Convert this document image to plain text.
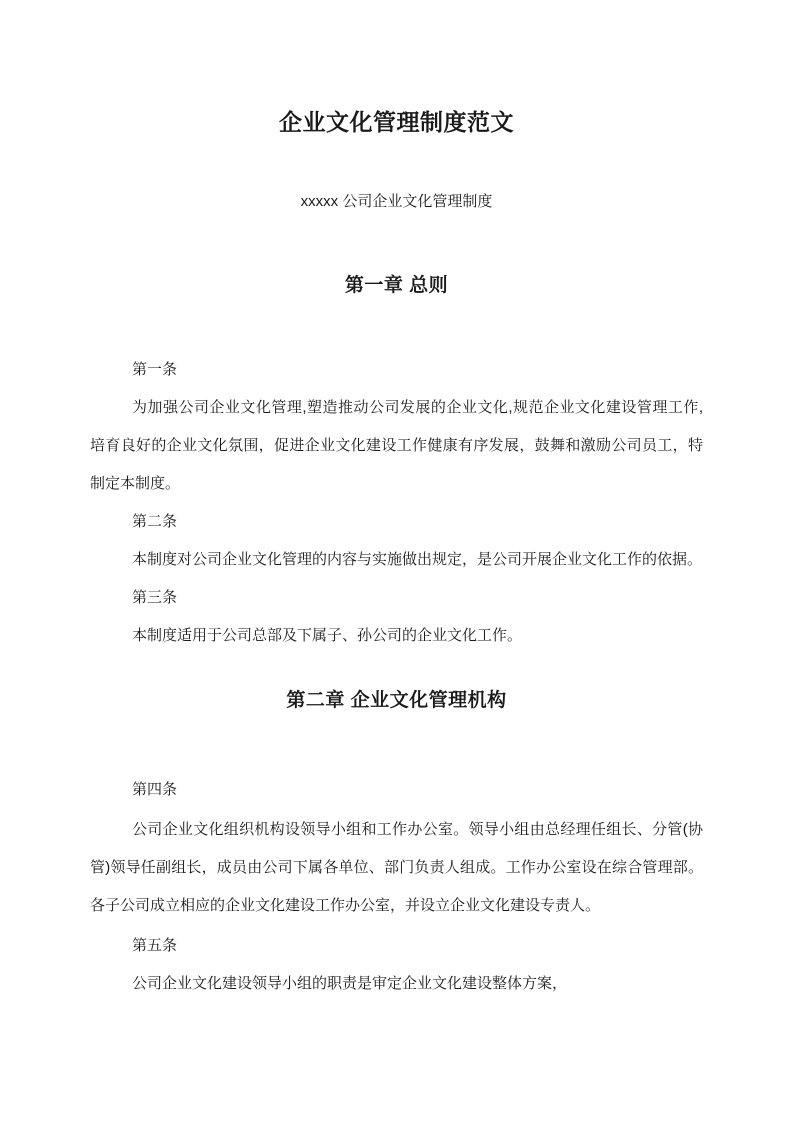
企业文化管理制度范文
xxxxx 公司企业文化管理制度
第一章 总则
第一条
为加强公司企业文化管理,塑造推动公司发展的企业文化,规范企业文化建设管理工作,
培育良好的企业文化氛围，促进企业文化建设工作健康有序发展，鼓舞和激励公司员工，特
制定本制度。
第二条
本制度对公司企业文化管理的内容与实施做出规定，是公司开展企业文化工作的依据。
第三条
本制度适用于公司总部及下属子、孙公司的企业文化工作。
第二章 企业文化管理机构
第四条
公司企业文化组织机构设领导小组和工作办公室。领导小组由总经理任组长、分管(协
管)领导任副组长，成员由公司下属各单位、部门负责人组成。工作办公室设在综合管理部。
各子公司成立相应的企业文化建设工作办公室，并设立企业文化建设专责人。
第五条
公司企业文化建设领导小组的职责是审定企业文化建设整体方案，
